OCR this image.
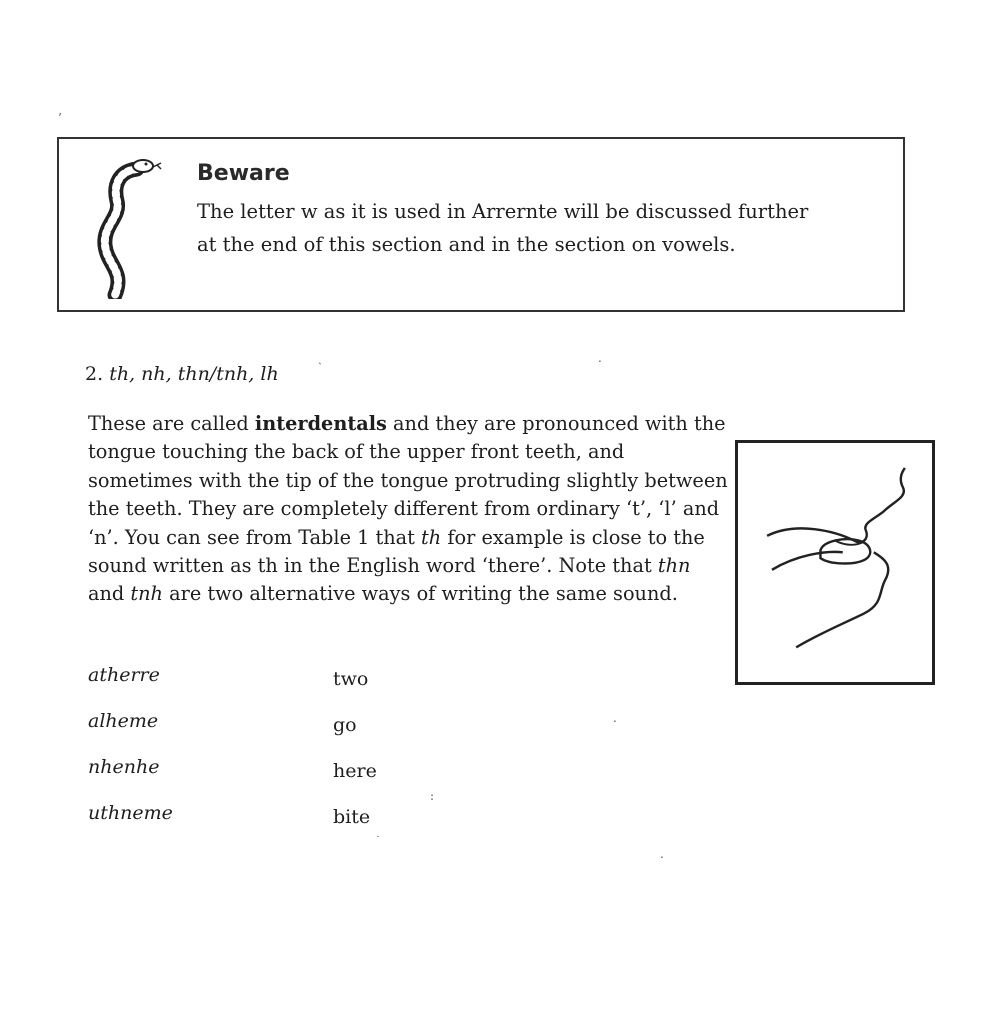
’
ˎ	.
.
:
˙
.
Beware
The letter w as it is used in Arrernte will be discussed further
at the end of this section and in the section on vowels.
2. th, nh, thn/tnh, lh
These are called interdentals and they are pronounced with the tongue touching the back of the upper front teeth, and sometimes with the tip of the tongue protruding slightly between the teeth. They are completely different from ordinary ‘t’, ‘l’ and ‘n’. You can see from Table 1 that th for example is close to the sound written as th in the English word ‘there’. Note that thn and tnh are two alternative ways of writing the same sound.
atherre	two
alheme	go
nhenhe	here
uthneme	bite
